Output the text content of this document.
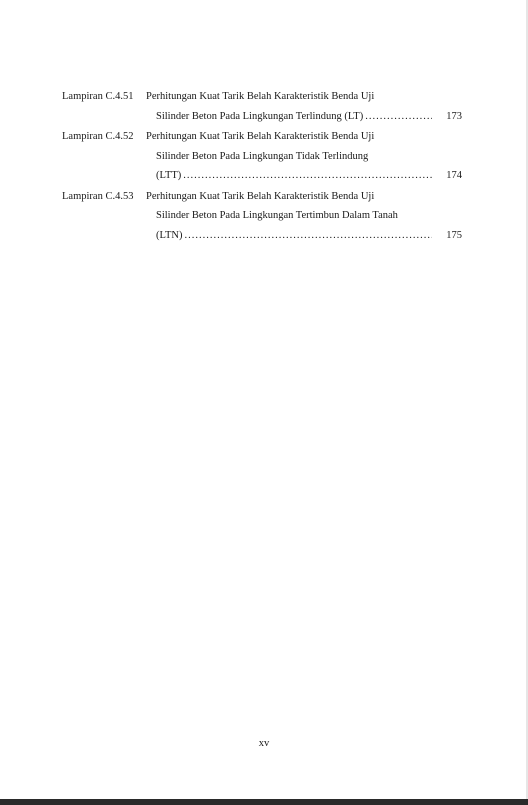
Lampiran C.4.51	Perhitungan Kuat Tarik Belah Karakteristik Benda Uji
Silinder Beton Pada Lingkungan Terlindung (LT) .....	173
Lampiran C.4.52	Perhitungan Kuat Tarik Belah Karakteristik Benda Uji
Silinder Beton Pada Lingkungan Tidak Terlindung
(LTT) .....	174
Lampiran C.4.53	Perhitungan Kuat Tarik Belah Karakteristik Benda Uji
Silinder Beton Pada Lingkungan Tertimbun Dalam Tanah
(LTN) .....	175
xv
